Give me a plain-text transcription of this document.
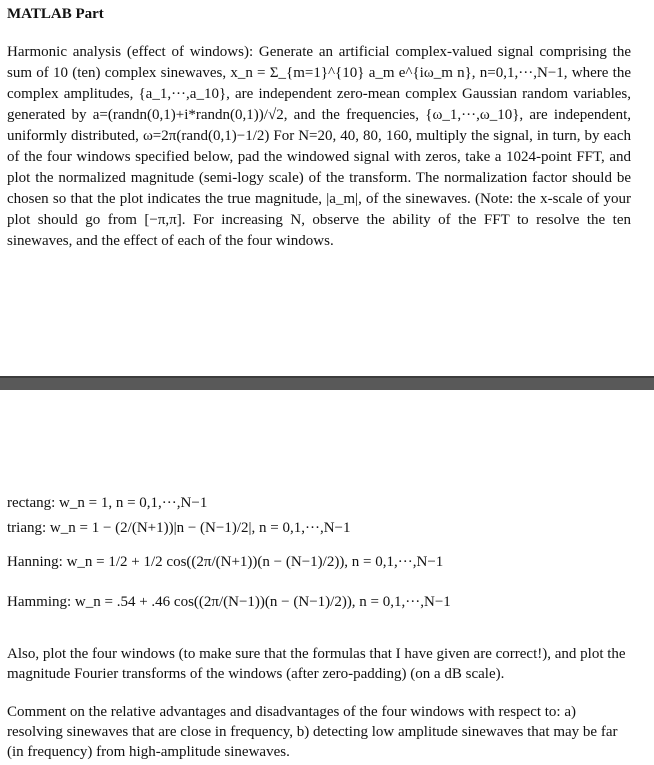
MATLAB Part
Harmonic analysis (effect of windows): Generate an artificial complex-valued signal comprising the sum of 10 (ten) complex sinewaves, x_n = Σ_{m=1}^{10} a_m e^{iω_m n}, n=0,1,···,N−1, where the complex amplitudes, {a_1,···,a_10}, are independent zero-mean complex Gaussian random variables, generated by a=(randn(0,1)+i*randn(0,1))/√2, and the frequencies, {ω_1,···,ω_10}, are independent, uniformly distributed, ω=2π(rand(0,1)−1/2) For N=20, 40, 80, 160, multiply the signal, in turn, by each of the four windows specified below, pad the windowed signal with zeros, take a 1024-point FFT, and plot the normalized magnitude (semi-logy scale) of the transform. The normalization factor should be chosen so that the plot indicates the true magnitude, |a_m|, of the sinewaves. (Note: the x-scale of your plot should go from [−π,π]. For increasing N, observe the ability of the FFT to resolve the ten sinewaves, and the effect of each of the four windows.
rectang: w_n = 1, n = 0,1,···,N−1
triang: w_n = 1 − (2/(N+1))|n − (N−1)/2|, n = 0,1,···,N−1
Hanning: w_n = 1/2 + 1/2 cos((2π/(N+1))(n − (N−1)/2)), n = 0,1,···,N−1
Hamming: w_n = .54 + .46 cos((2π/(N−1))(n − (N−1)/2)), n = 0,1,···,N−1
Also, plot the four windows (to make sure that the formulas that I have given are correct!), and plot the magnitude Fourier transforms of the windows (after zero-padding) (on a dB scale).
Comment on the relative advantages and disadvantages of the four windows with respect to: a) resolving sinewaves that are close in frequency, b) detecting low amplitude sinewaves that may be far (in frequency) from high-amplitude sinewaves.
